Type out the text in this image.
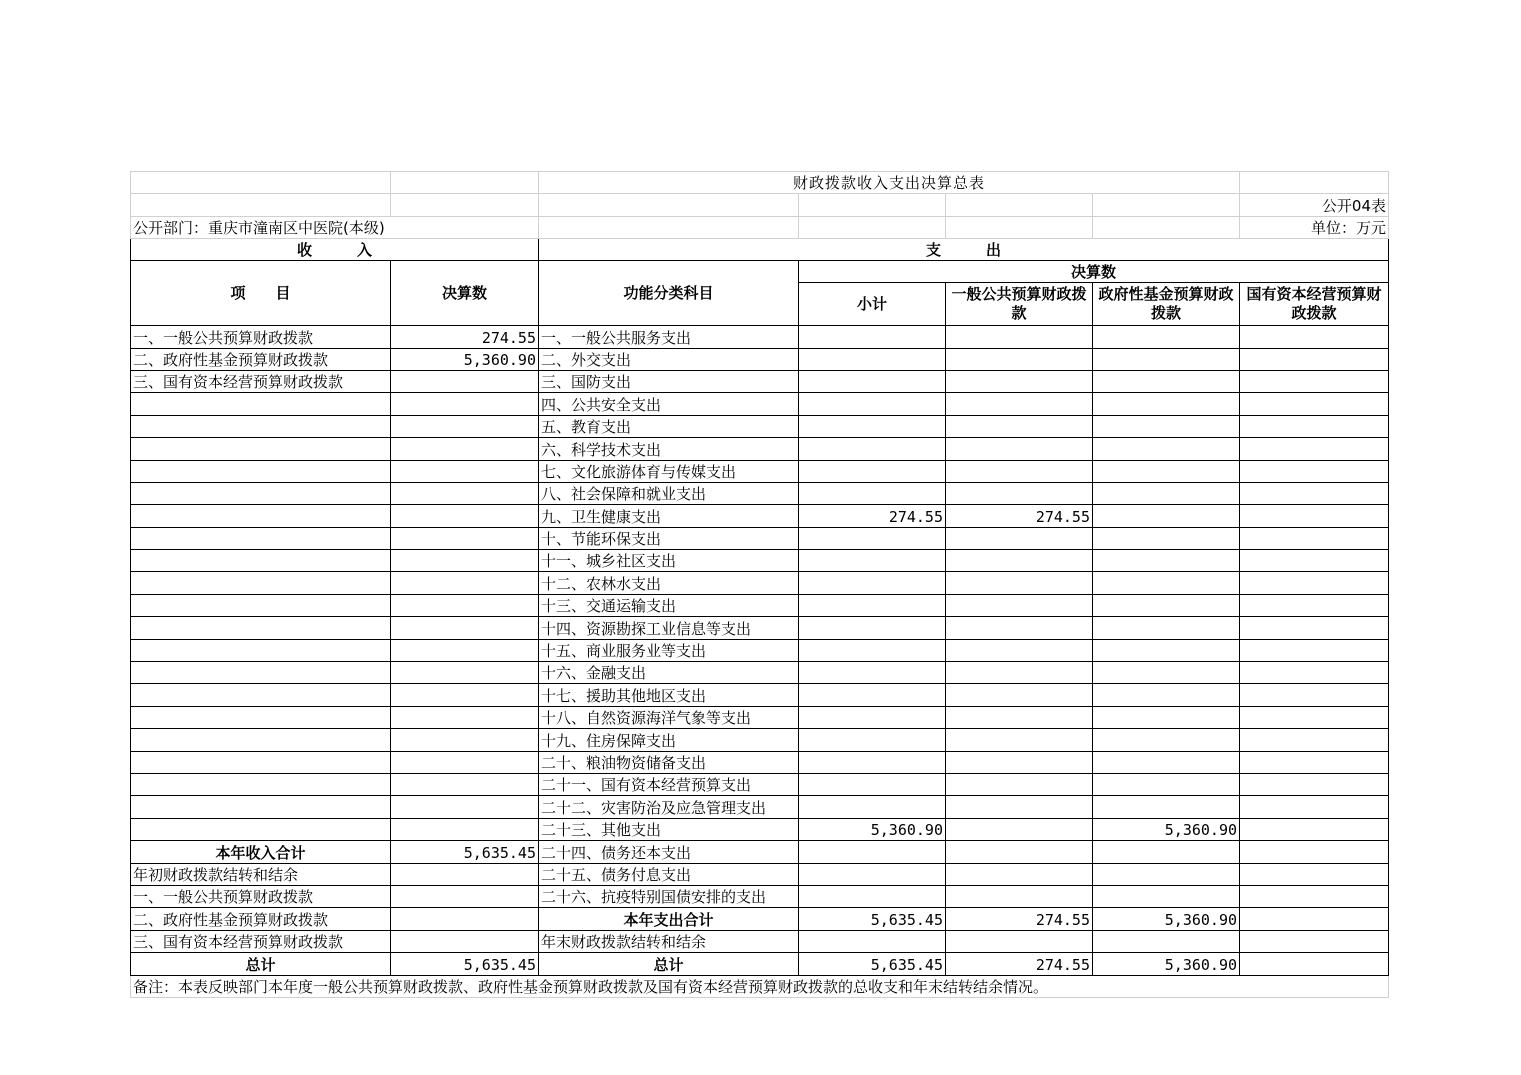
		财政拨款收入支出决算总表				
						公开04表
公开部门：重庆市潼南区中医院(本级)						单位：万元
收　　　入		支　　　出				
项　　目	决算数	功能分类科目	决算数			
			小计	一般公共预算财政拨款	政府性基金预算财政拨款	国有资本经营预算财政拨款
一、一般公共预算财政拨款	274.55	一、一般公共服务支出				
二、政府性基金预算财政拨款	5,360.90	二、外交支出				
三、国有资本经营预算财政拨款		三、国防支出				
		四、公共安全支出				
		五、教育支出				
		六、科学技术支出				
		七、文化旅游体育与传媒支出				
		八、社会保障和就业支出				
		九、卫生健康支出	274.55	274.55		
		十、节能环保支出				
		十一、城乡社区支出				
		十二、农林水支出				
		十三、交通运输支出				
		十四、资源勘探工业信息等支出				
		十五、商业服务业等支出				
		十六、金融支出				
		十七、援助其他地区支出				
		十八、自然资源海洋气象等支出				
		十九、住房保障支出				
		二十、粮油物资储备支出				
		二十一、国有资本经营预算支出				
		二十二、灾害防治及应急管理支出				
		二十三、其他支出	5,360.90		5,360.90	
本年收入合计	5,635.45	二十四、债务还本支出				
年初财政拨款结转和结余		二十五、债务付息支出				
一、一般公共预算财政拨款		二十六、抗疫特别国债安排的支出				
二、政府性基金预算财政拨款		本年支出合计	5,635.45	274.55	5,360.90	
三、国有资本经营预算财政拨款		年末财政拨款结转和结余				
总计	5,635.45	总计	5,635.45	274.55	5,360.90	
备注：本表反映部门本年度一般公共预算财政拨款、政府性基金预算财政拨款及国有资本经营预算财政拨款的总收支和年末结转结余情况。						
